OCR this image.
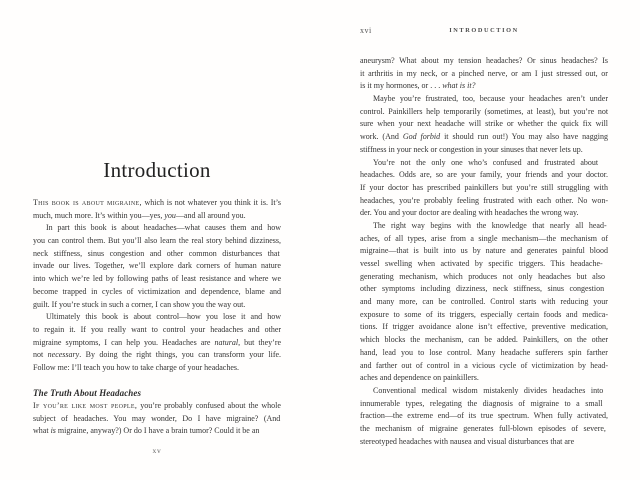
Introduction
This book is about migraine, which is not whatever you think it is. It’s
much, much more. It’s within you—yes, you—and all around you.
In part this book is about headaches—what causes them and how
you can control them. But you’ll also learn the real story behind dizziness,
neck stiffness, sinus congestion and other common disturbances that
invade our lives. Together, we’ll explore dark corners of human nature
into which we’re led by following paths of least resistance and where we
become trapped in cycles of victimization and dependence, blame and
guilt. If you’re stuck in such a corner, I can show you the way out.
Ultimately this book is about control—how you lose it and how
to regain it. If you really want to control your headaches and other
migraine symptoms, I can help you. Headaches are natural, but they’re
not necessary. By doing the right things, you can transform your life.
Follow me: I’ll teach you how to take charge of your headaches.
The Truth About Headaches
If you’re like most people, you’re probably confused about the whole
subject of headaches. You may wonder, Do I have migraine? (And
what is migraine, anyway?) Or do I have a brain tumor? Could it be an
xv
xvi	INTRODUCTION
aneurysm? What about my tension headaches? Or sinus headaches? Is
it arthritis in my neck, or a pinched nerve, or am I just stressed out, or
is it my hormones, or . . . what is it?
Maybe you’re frustrated, too, because your headaches aren’t under
control. Painkillers help temporarily (sometimes, at least), but you’re not
sure when your next headache will strike or whether the quick fix will
work. (And God forbid it should run out!) You may also have nagging
stiffness in your neck or congestion in your sinuses that never lets up.
You’re not the only one who’s confused and frustrated about
headaches. Odds are, so are your family, your friends and your doctor.
If your doctor has prescribed painkillers but you’re still struggling with
headaches, you’re probably feeling frustrated with each other. No won-
der. You and your doctor are dealing with headaches the wrong way.
The right way begins with the knowledge that nearly all head-
aches, of all types, arise from a single mechanism—the mechanism of
migraine—that is built into us by nature and generates painful blood
vessel swelling when activated by specific triggers. This headache-
generating mechanism, which produces not only headaches but also
other symptoms including dizziness, neck stiffness, sinus congestion
and many more, can be controlled. Control starts with reducing your
exposure to some of its triggers, especially certain foods and medica-
tions. If trigger avoidance alone isn’t effective, preventive medication,
which blocks the mechanism, can be added. Painkillers, on the other
hand, lead you to lose control. Many headache sufferers spin farther
and farther out of control in a vicious cycle of victimization by head-
aches and dependence on painkillers.
Conventional medical wisdom mistakenly divides headaches into
innumerable types, relegating the diagnosis of migraine to a small
fraction—the extreme end—of its true spectrum. When fully activated,
the mechanism of migraine generates full-blown episodes of severe,
stereotyped headaches with nausea and visual disturbances that are
